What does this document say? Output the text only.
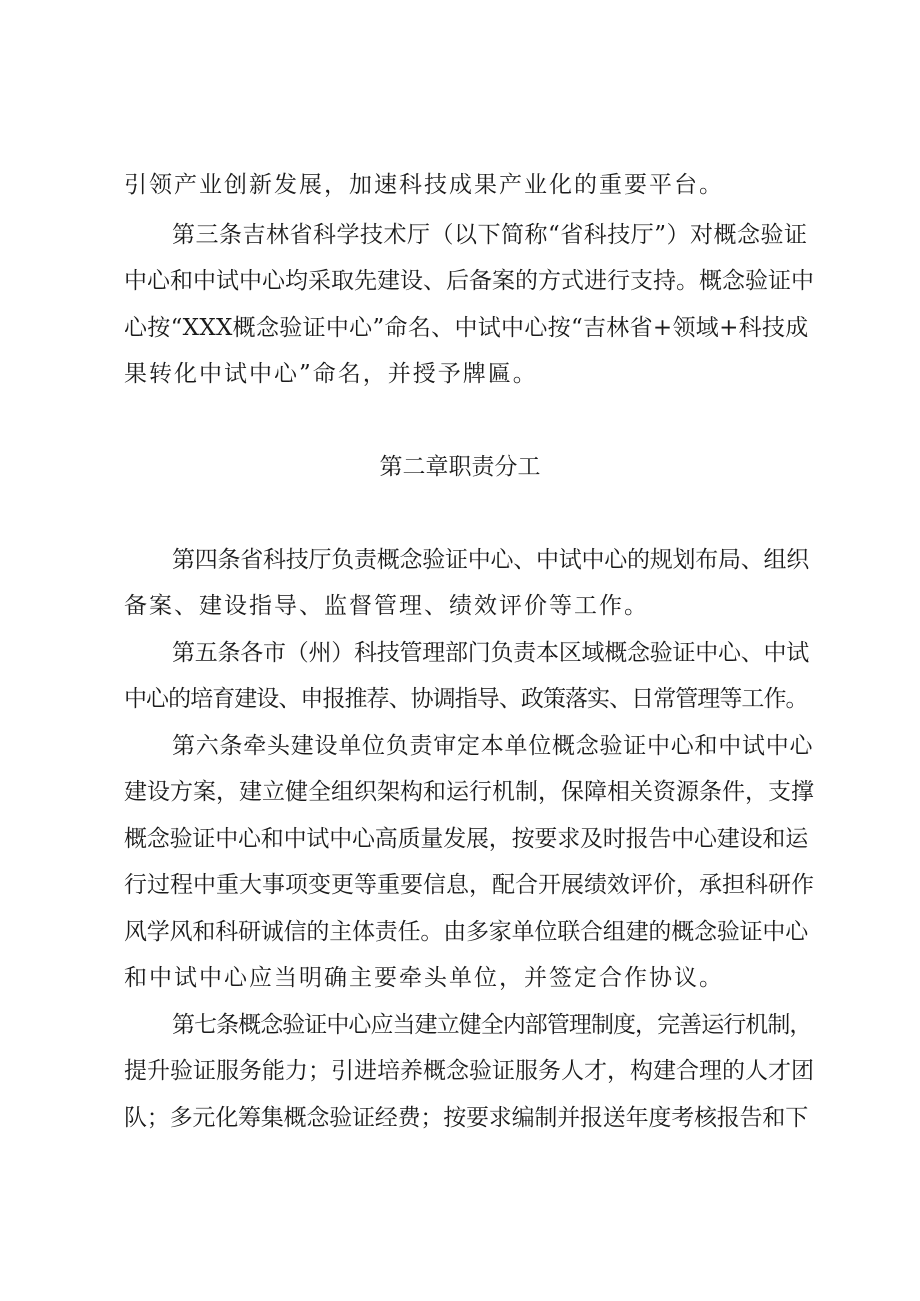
引领产业创新发展，加速科技成果产业化的重要平台。
第三条吉林省科学技术厅（以下简称“省科技厅”）对概念验证
中心和中试中心均采取先建设、后备案的方式进行支持。概念验证中
心按“XXX概念验证中心”命名、中试中心按“吉林省+领域+科技成
果转化中试中心”命名，并授予牌匾。
第二章职责分工
第四条省科技厅负责概念验证中心、中试中心的规划布局、组织
备案、建设指导、监督管理、绩效评价等工作。
第五条各市（州）科技管理部门负责本区域概念验证中心、中试
中心的培育建设、申报推荐、协调指导、政策落实、日常管理等工作。
第六条牵头建设单位负责审定本单位概念验证中心和中试中心
建设方案，建立健全组织架构和运行机制，保障相关资源条件，支撑
概念验证中心和中试中心高质量发展，按要求及时报告中心建设和运
行过程中重大事项变更等重要信息，配合开展绩效评价，承担科研作
风学风和科研诚信的主体责任。由多家单位联合组建的概念验证中心
和中试中心应当明确主要牵头单位，并签定合作协议。
第七条概念验证中心应当建立健全内部管理制度，完善运行机制，
提升验证服务能力；引进培养概念验证服务人才，构建合理的人才团
队；多元化筹集概念验证经费；按要求编制并报送年度考核报告和下
